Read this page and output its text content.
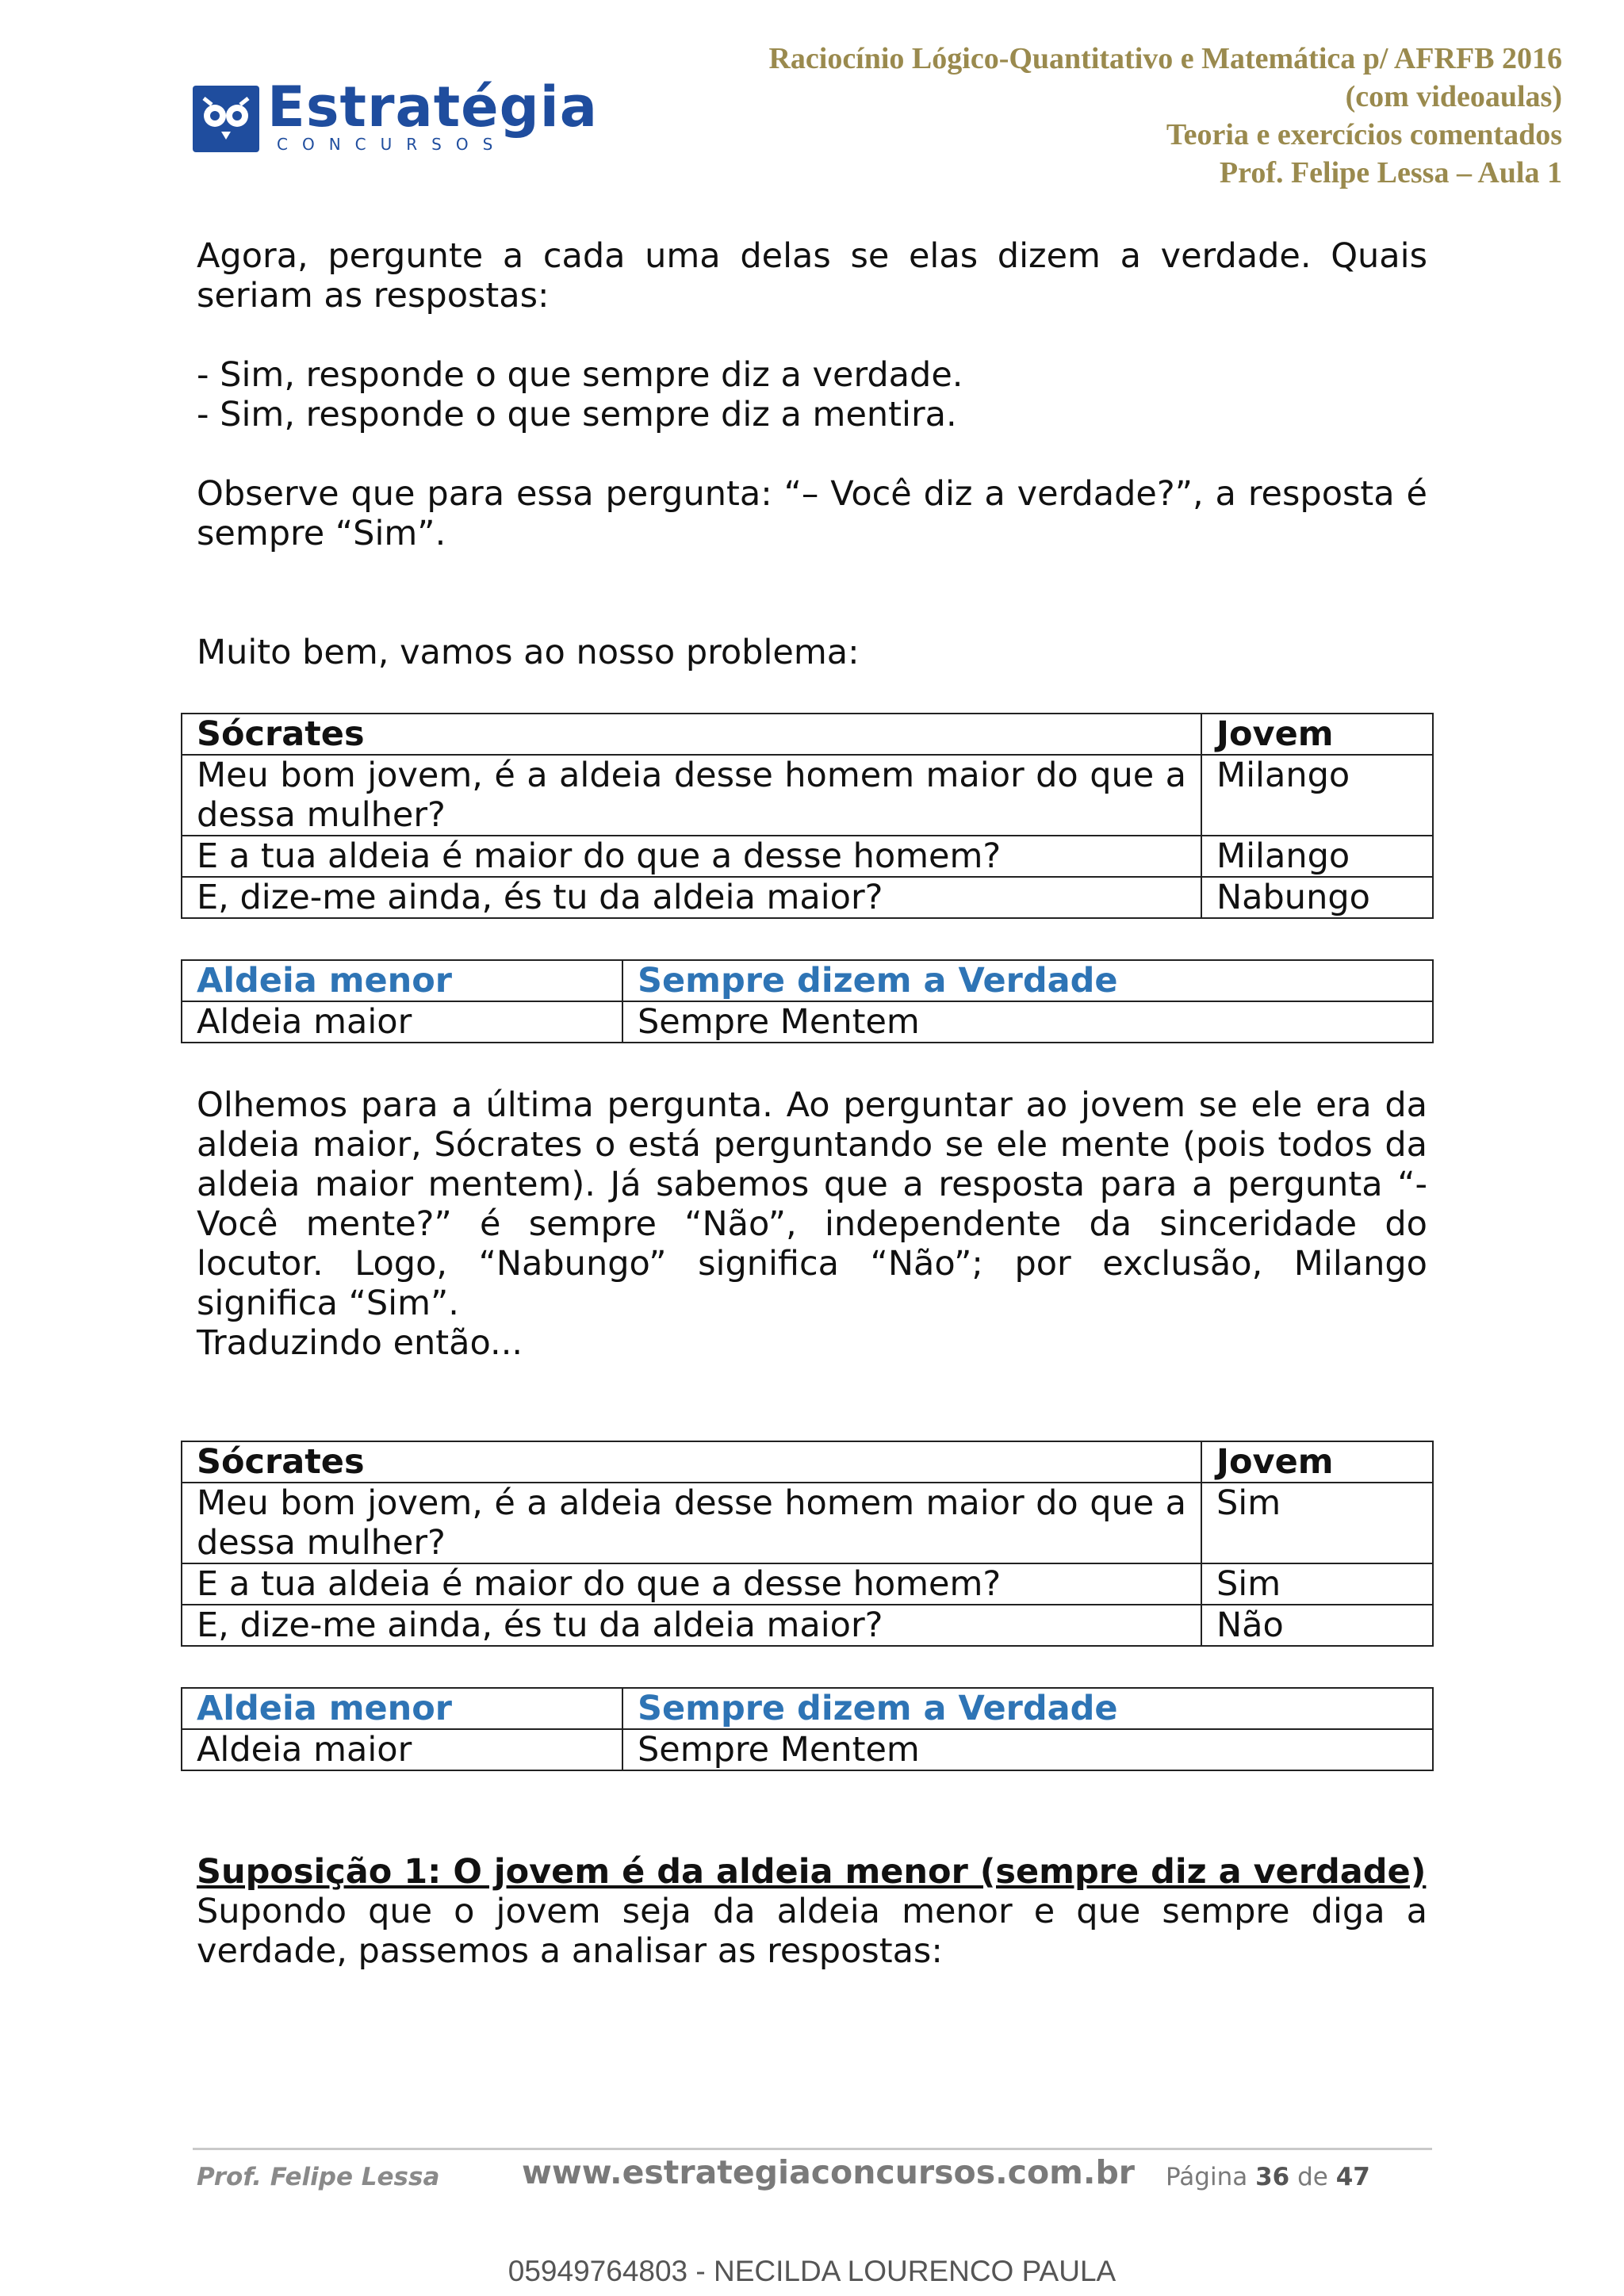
Estratégia
CONCURSOS
Raciocínio Lógico-Quantitativo e Matemática p/ AFRFB 2016
(com videoaulas)
Teoria e exercícios comentados
Prof. Felipe Lessa – Aula 1

Agora, pergunte a cada uma delas se elas dizem a verdade. Quais seriam as respostas:

- Sim, responde o que sempre diz a verdade.

- Sim, responde o que sempre diz a mentira.

Observe que para essa pergunta: “– Você diz a verdade?”, a resposta é sempre “Sim”.

Muito bem, vamos ao nosso problema:

Sócrates	Jovem
Meu bom jovem, é a aldeia desse homem maior do que a dessa mulher?	Milango
E a tua aldeia é maior do que a desse homem?	Milango
E, dize-me ainda, és tu da aldeia maior?	Nabungo
Aldeia menor	Sempre dizem a Verdade
Aldeia maior	Sempre Mentem

Olhemos para a última pergunta. Ao perguntar ao jovem se ele era da aldeia maior, Sócrates o está perguntando se ele mente (pois todos da aldeia maior mentem). Já sabemos que a resposta para a pergunta “- Você mente?” é sempre “Não”, independente da sinceridade do locutor. Logo, “Nabungo” significa “Não”; por exclusão, Milango significa “Sim”.

Traduzindo então...

Sócrates	Jovem
Meu bom jovem, é a aldeia desse homem maior do que a dessa mulher?	Sim
E a tua aldeia é maior do que a desse homem?	Sim
E, dize-me ainda, és tu da aldeia maior?	Não
Aldeia menor	Sempre dizem a Verdade
Aldeia maior	Sempre Mentem

Suposição 1: O jovem é da aldeia menor (sempre diz a verdade)

Supondo que o jovem seja da aldeia menor e que sempre diga a verdade, passemos a analisar as respostas:

Prof. Felipe Lessa	www.estrategiaconcursos.com.br Página 36 de 47
05949764803 - NECILDA LOURENCO PAULA
